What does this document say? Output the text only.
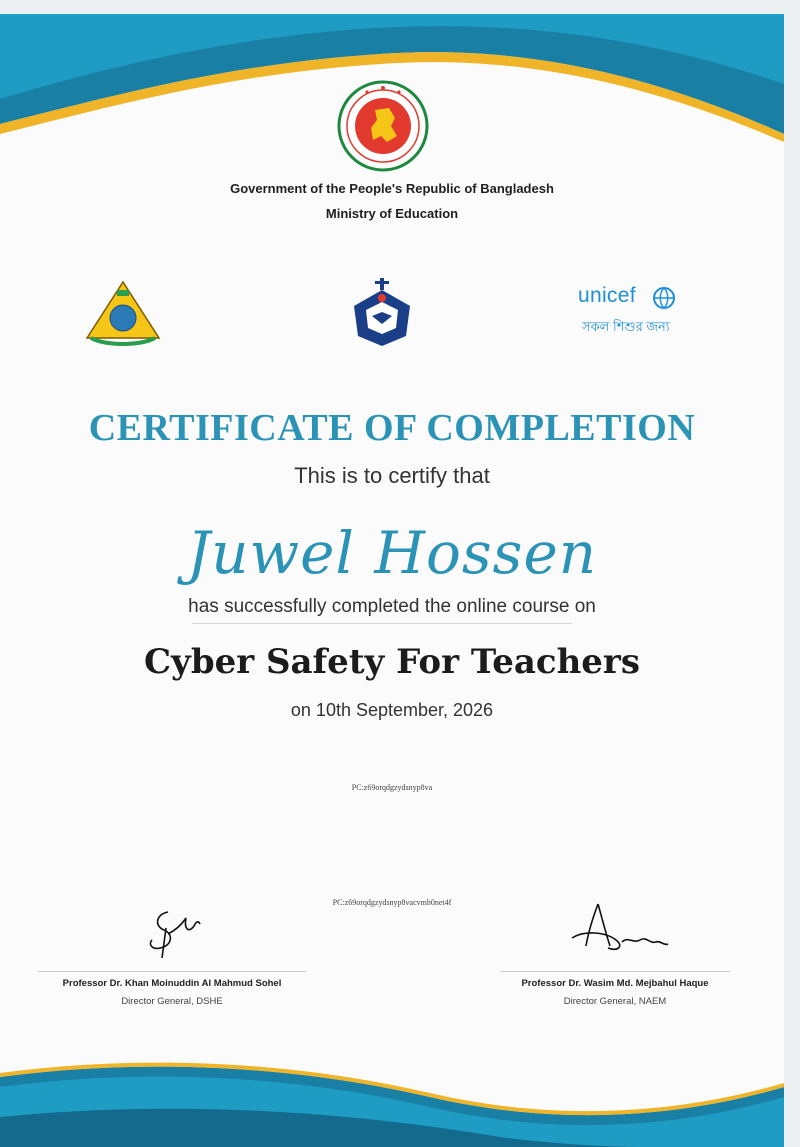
Government of the People's Republic of Bangladesh
Ministry of Education
unicef
সকল শিশুর জন্য
CERTIFICATE OF COMPLETION
This is to certify that
Juwel Hossen
has successfully completed the online course on
Cyber Safety For Teachers
on 10th September, 2026
PC:z69orqdgzydsnyp8va
PC:z69orqdgzydsnyp8vacvmh0net4f
Professor Dr. Khan Moinuddin Al Mahmud Sohel
Director General, DSHE
Professor Dr. Wasim Md. Mejbahul Haque
Director General, NAEM
